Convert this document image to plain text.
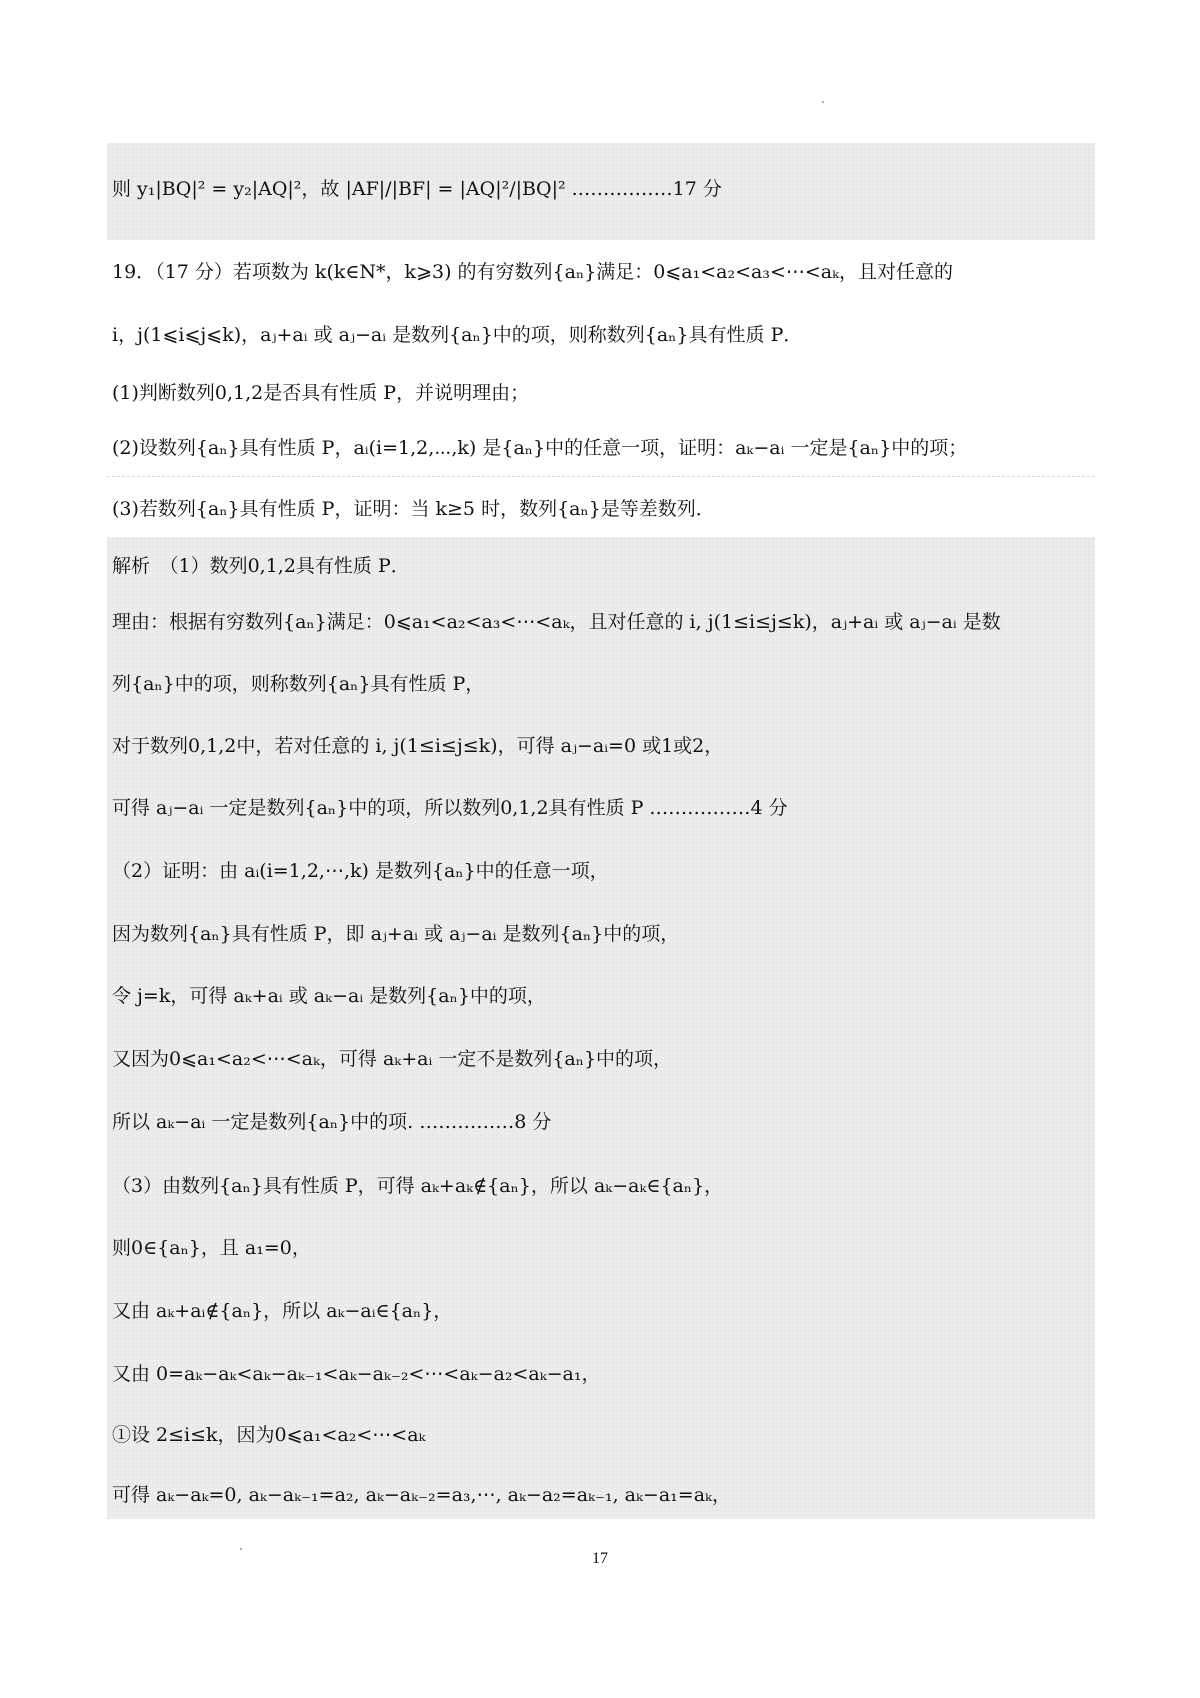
则 y₁|BQ|² = y₂|AQ|²，故 |AF|/|BF| = |AQ|²/|BQ|² .……………17 分
19．（17 分）若项数为 k(k∈N*，k⩾3) 的有穷数列{aₙ}满足：0⩽a₁<a₂<a₃<⋯<aₖ，且对任意的
i，j(1⩽i⩽j⩽k)，aⱼ+aᵢ 或 aⱼ−aᵢ 是数列{aₙ}中的项，则称数列{aₙ}具有性质 P．
(1)判断数列0,1,2是否具有性质 P，并说明理由；
(2)设数列{aₙ}具有性质 P，aᵢ(i=1,2,⋯,k) 是{aₙ}中的任意一项，证明：aₖ−aᵢ 一定是{aₙ}中的项；
(3)若数列{aₙ}具有性质 P，证明：当 k≥5 时，数列{aₙ}是等差数列．
解析　（1）数列0,1,2具有性质 P．
理由：根据有穷数列{aₙ}满足：0⩽a₁<a₂<a₃<⋯<aₖ，且对任意的 i, j(1≤i≤j≤k)，aⱼ+aᵢ 或 aⱼ−aᵢ 是数
列{aₙ}中的项，则称数列{aₙ}具有性质 P，
对于数列0,1,2中，若对任意的 i, j(1≤i≤j≤k)，可得 aⱼ−aᵢ=0 或1或2，
可得 aⱼ−aᵢ 一定是数列{aₙ}中的项，所以数列0,1,2具有性质 P .……………4 分
（2）证明：由 aᵢ(i=1,2,⋯,k) 是数列{aₙ}中的任意一项，
因为数列{aₙ}具有性质 P，即 aⱼ+aᵢ 或 aⱼ−aᵢ 是数列{aₙ}中的项，
令 j=k，可得 aₖ+aᵢ 或 aₖ−aᵢ 是数列{aₙ}中的项，
又因为0⩽a₁<a₂<⋯<aₖ，可得 aₖ+aᵢ 一定不是数列{aₙ}中的项，
所以 aₖ−aᵢ 一定是数列{aₙ}中的项. ……………8 分
（3）由数列{aₙ}具有性质 P，可得 aₖ+aₖ∉{aₙ}，所以 aₖ−aₖ∈{aₙ}，
则0∈{aₙ}，且 a₁=0，
又由 aₖ+aᵢ∉{aₙ}，所以 aₖ−aᵢ∈{aₙ}，
又由 0=aₖ−aₖ<aₖ−aₖ₋₁<aₖ−aₖ₋₂<⋯<aₖ−a₂<aₖ−a₁，
①设 2≤i≤k，因为0⩽a₁<a₂<⋯<aₖ
可得 aₖ−aₖ=0, aₖ−aₖ₋₁=a₂, aₖ−aₖ₋₂=a₃,⋯, aₖ−a₂=aₖ₋₁, aₖ−a₁=aₖ，
17
